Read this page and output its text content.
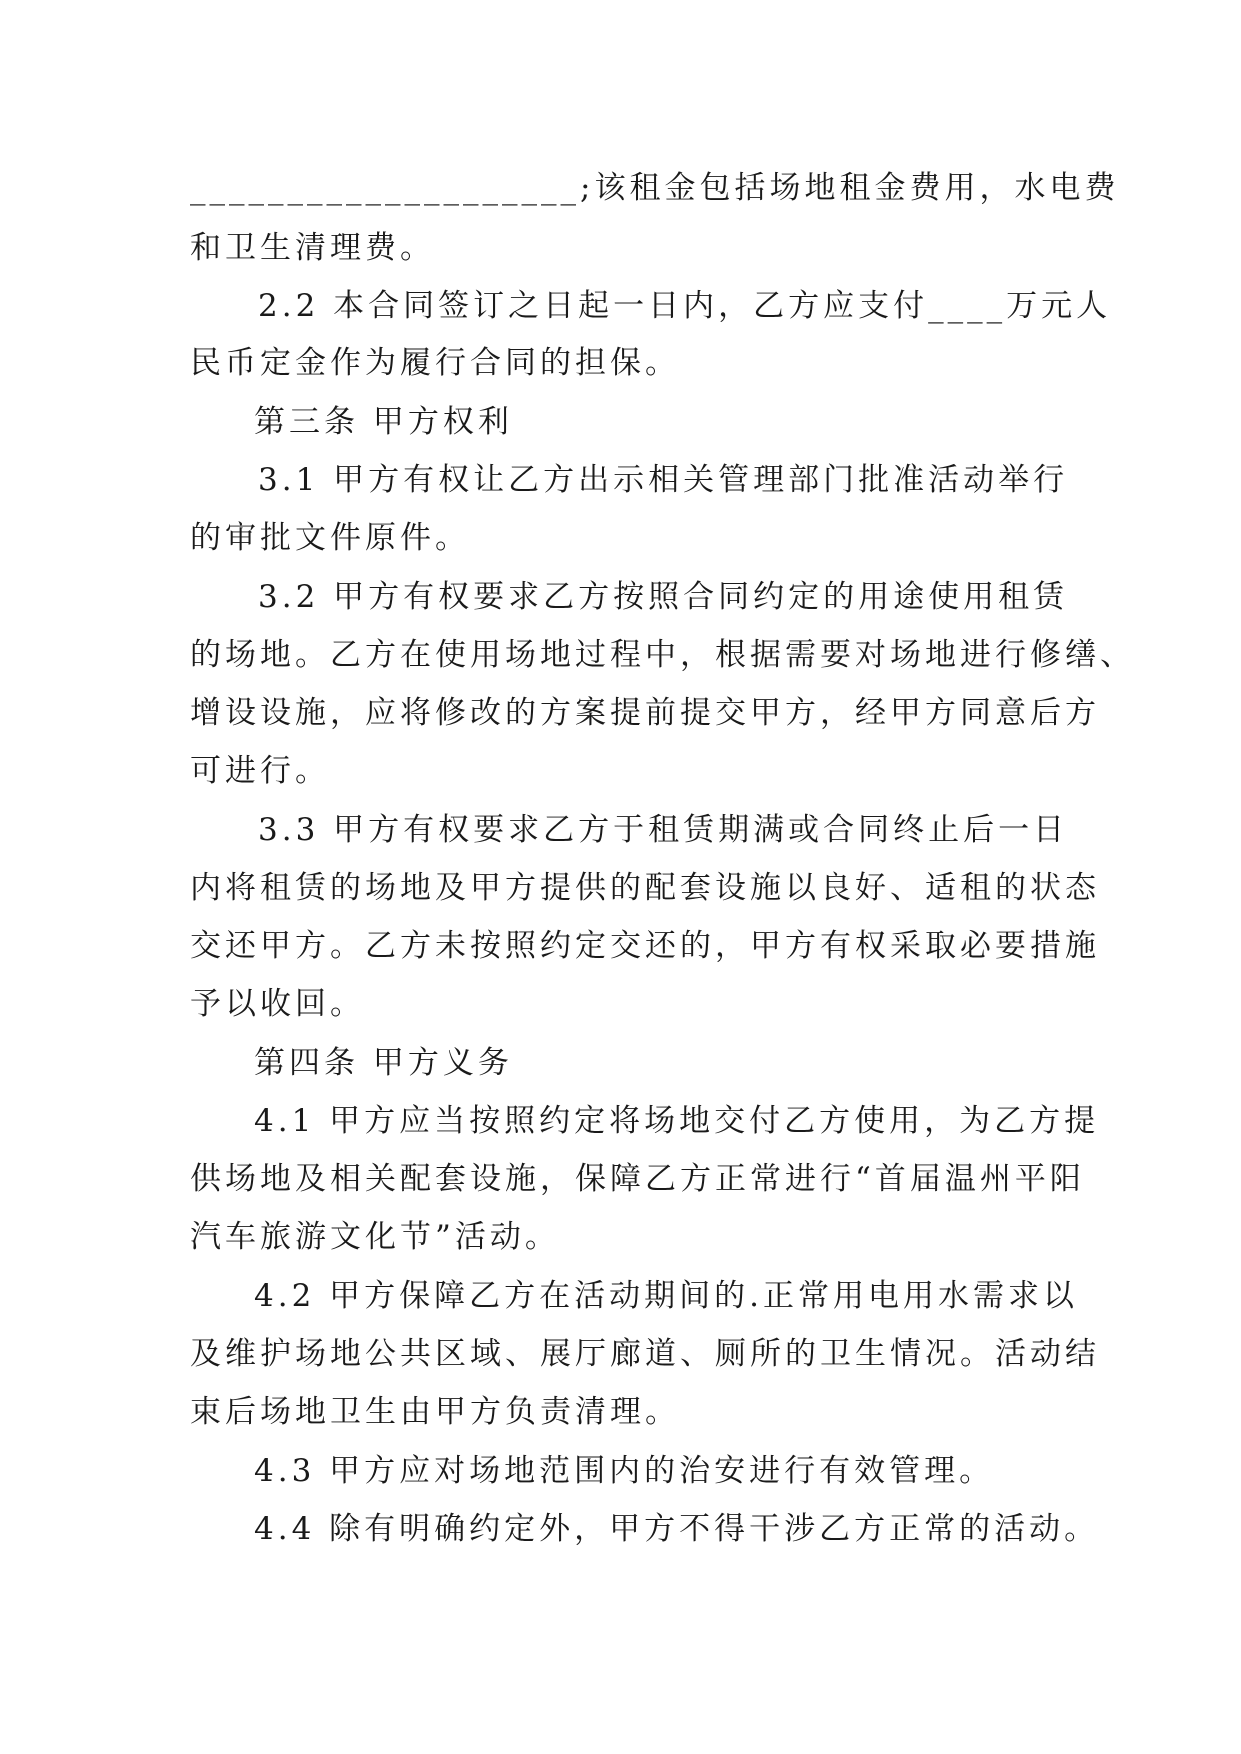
____________________;该租金包括场地租金费用，水电费
和卫生清理费。
2.2 本合同签订之日起一日内，乙方应支付____万元人
民币定金作为履行合同的担保。
第三条 甲方权利
3.1 甲方有权让乙方出示相关管理部门批准活动举行
的审批文件原件。
3.2 甲方有权要求乙方按照合同约定的用途使用租赁
的场地。乙方在使用场地过程中，根据需要对场地进行修缮、
增设设施，应将修改的方案提前提交甲方，经甲方同意后方
可进行。
3.3 甲方有权要求乙方于租赁期满或合同终止后一日
内将租赁的场地及甲方提供的配套设施以良好、适租的状态
交还甲方。乙方未按照约定交还的，甲方有权采取必要措施
予以收回。
第四条 甲方义务
4.1 甲方应当按照约定将场地交付乙方使用，为乙方提
供场地及相关配套设施，保障乙方正常进行“首届温州平阳
汽车旅游文化节”活动。
4.2 甲方保障乙方在活动期间的.正常用电用水需求以
及维护场地公共区域、展厅廊道、厕所的卫生情况。活动结
束后场地卫生由甲方负责清理。
4.3 甲方应对场地范围内的治安进行有效管理。
4.4 除有明确约定外，甲方不得干涉乙方正常的活动。
